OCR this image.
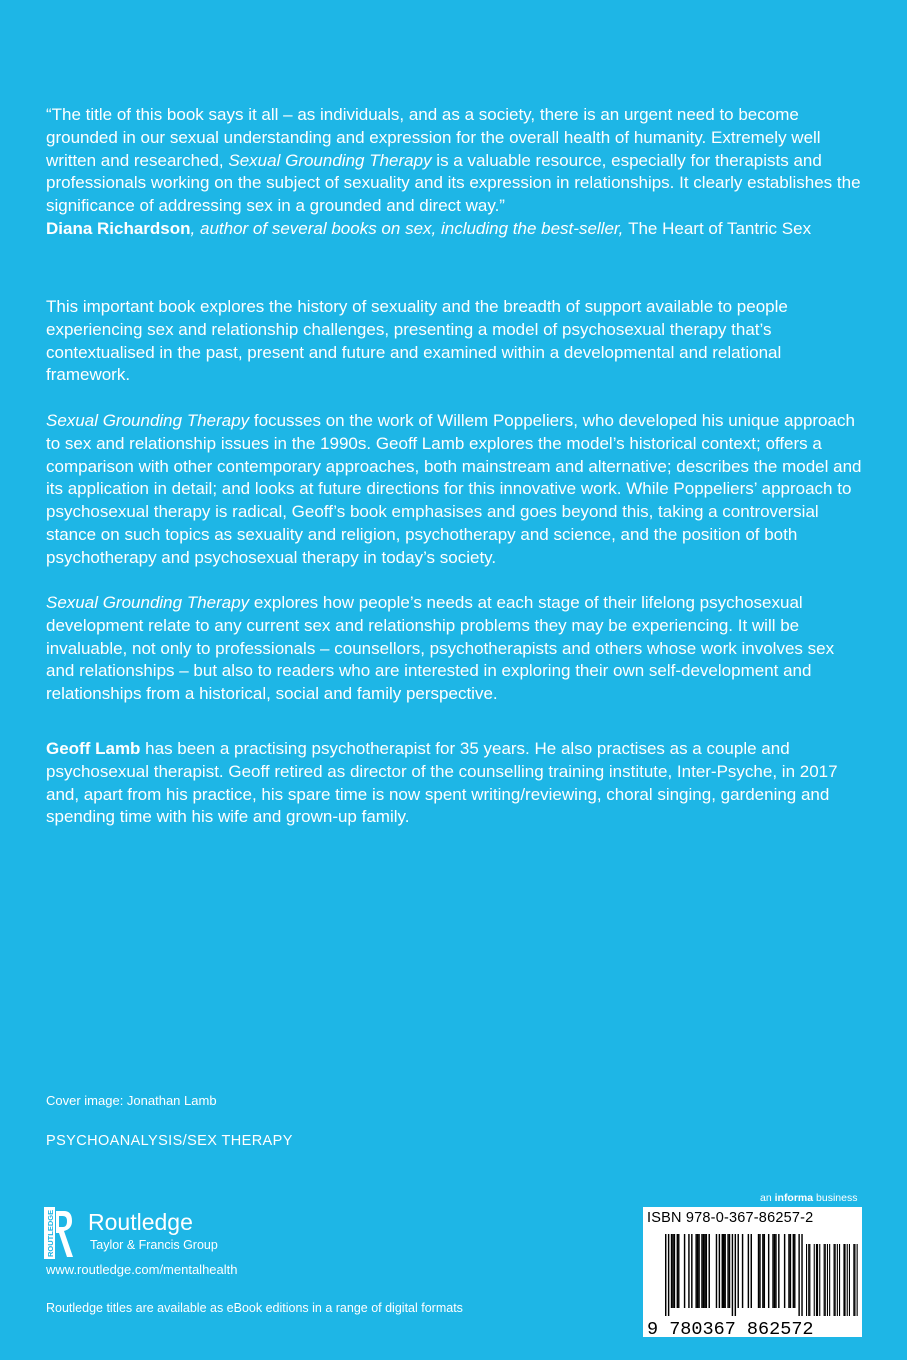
“The title of this book says it all – as individuals, and as a society, there is an urgent need to become grounded in our sexual understanding and expression for the overall health of humanity. Extremely well written and researched, Sexual Grounding Therapy is a valuable resource, especially for therapists and professionals working on the subject of sexuality and its expression in relationships. It clearly establishes the significance of addressing sex in a grounded and direct way.”
Diana Richardson, author of several books on sex, including the best-seller, The Heart of Tantric Sex

This important book explores the history of sexuality and the breadth of support available to people experiencing sex and relationship challenges, presenting a model of psychosexual therapy that’s contextualised in the past, present and future and examined within a developmental and relational framework.

Sexual Grounding Therapy focusses on the work of Willem Poppeliers, who developed his unique approach to sex and relationship issues in the 1990s. Geoff Lamb explores the model’s historical context; offers a comparison with other contemporary approaches, both mainstream and alternative; describes the model and its application in detail; and looks at future directions for this innovative work. While Poppeliers’ approach to psychosexual therapy is radical, Geoff’s book emphasises and goes beyond this, taking a controversial stance on such topics as sexuality and religion, psychotherapy and science, and the position of both psychotherapy and psychosexual therapy in today’s society.

Sexual Grounding Therapy explores how people’s needs at each stage of their lifelong psychosexual development relate to any current sex and relationship problems they may be experiencing. It will be invaluable, not only to professionals – counsellors, psychotherapists and others whose work involves sex and relationships – but also to readers who are interested in exploring their own self-development and relationships from a historical, social and family perspective.

Geoff Lamb has been a practising psychotherapist for 35 years. He also practises as a couple and psychosexual therapist. Geoff retired as director of the counselling training institute, Inter-Psyche, in 2017 and, apart from his practice, his spare time is now spent writing/reviewing, choral singing, gardening and spending time with his wife and grown-up family.

Cover image: Jonathan Lamb
PSYCHOANALYSIS/SEX THERAPY
ROUTLEDGE Routledge
Taylor & Francis Group
www.routledge.com/mentalhealth
Routledge titles are available as eBook editions in a range of digital formats
an informa business
ISBN 978-0-367-86257-2
9 780367 862572
